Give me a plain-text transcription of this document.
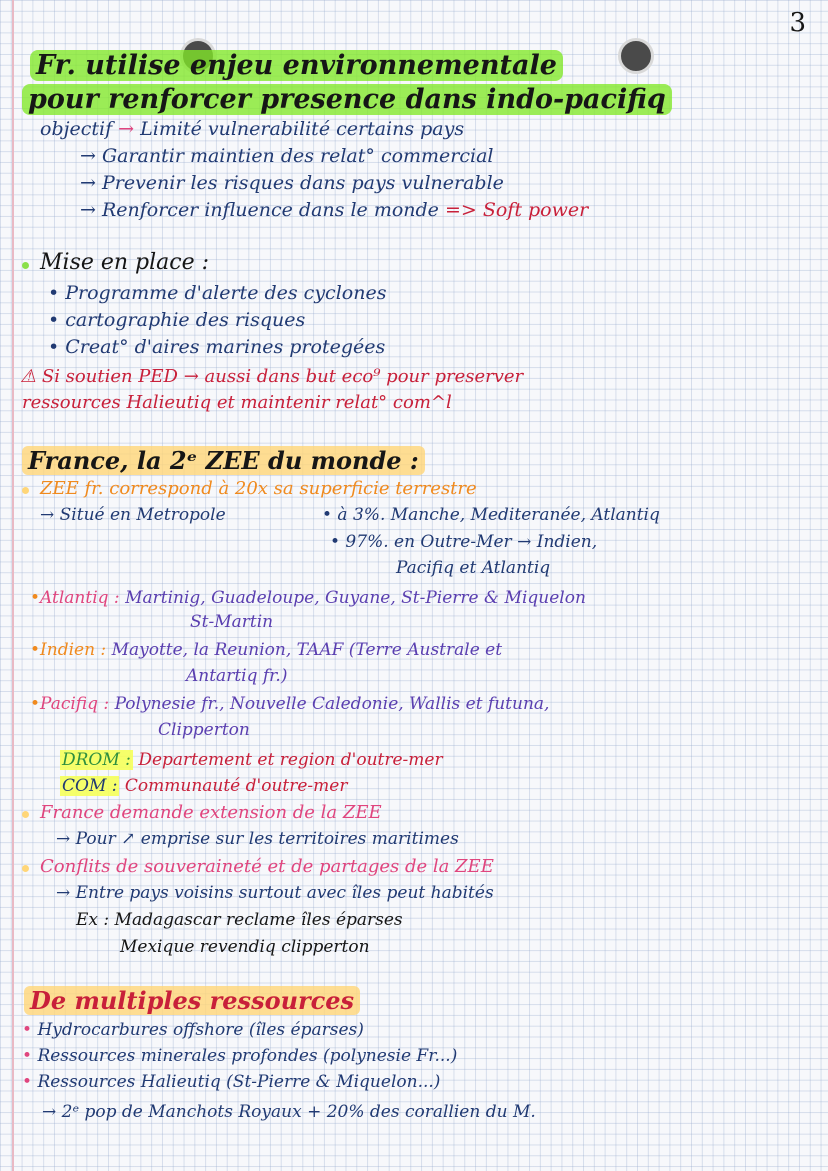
3
Fr. utilise enjeu environnementale
pour renforcer presence dans indo-pacifiq
objectif → Limité vulnerabilité certains pays
→ Garantir maintien des relat° commercial
→ Prevenir les risques dans pays vulnerable
→ Renforcer influence dans le monde => Soft power
Mise en place :
• Programme d'alerte des cyclones
• cartographie des risques
• Creat° d'aires marines protegées
⚠ Si soutien PED → aussi dans but eco⁹ pour preserver
ressources Halieutiq et maintenir relat° com^l
France, la 2ᵉ ZEE du monde :
ZEE fr. correspond à 20x sa superficie terrestre
→ Situé en Metropole	• à 3%. Manche, Mediteranée, Atlantiq
• 97%. en Outre-Mer → Indien,
Pacifiq et Atlantiq
•Atlantiq : Martinig, Guadeloupe, Guyane, St-Pierre & Miquelon
St-Martin
•Indien : Mayotte, la Reunion, TAAF (Terre Australe et
Antartiq fr.)
•Pacifiq : Polynesie fr., Nouvelle Caledonie, Wallis et futuna,
Clipperton
DROM : Departement et region d'outre-mer
COM : Communauté d'outre-mer
France demande extension de la ZEE
→ Pour ↗ emprise sur les territoires maritimes
Conflits de souveraineté et de partages de la ZEE
→ Entre pays voisins surtout avec îles peut habités
Ex : Madagascar reclame îles éparses
Mexique revendiq clipperton
De multiples ressources
• Hydrocarbures offshore (îles éparses)
• Ressources minerales profondes (polynesie Fr...)
• Ressources Halieutiq (St-Pierre & Miquelon...)
→ 2ᵉ pop de Manchots Royaux + 20% des corallien du M.
